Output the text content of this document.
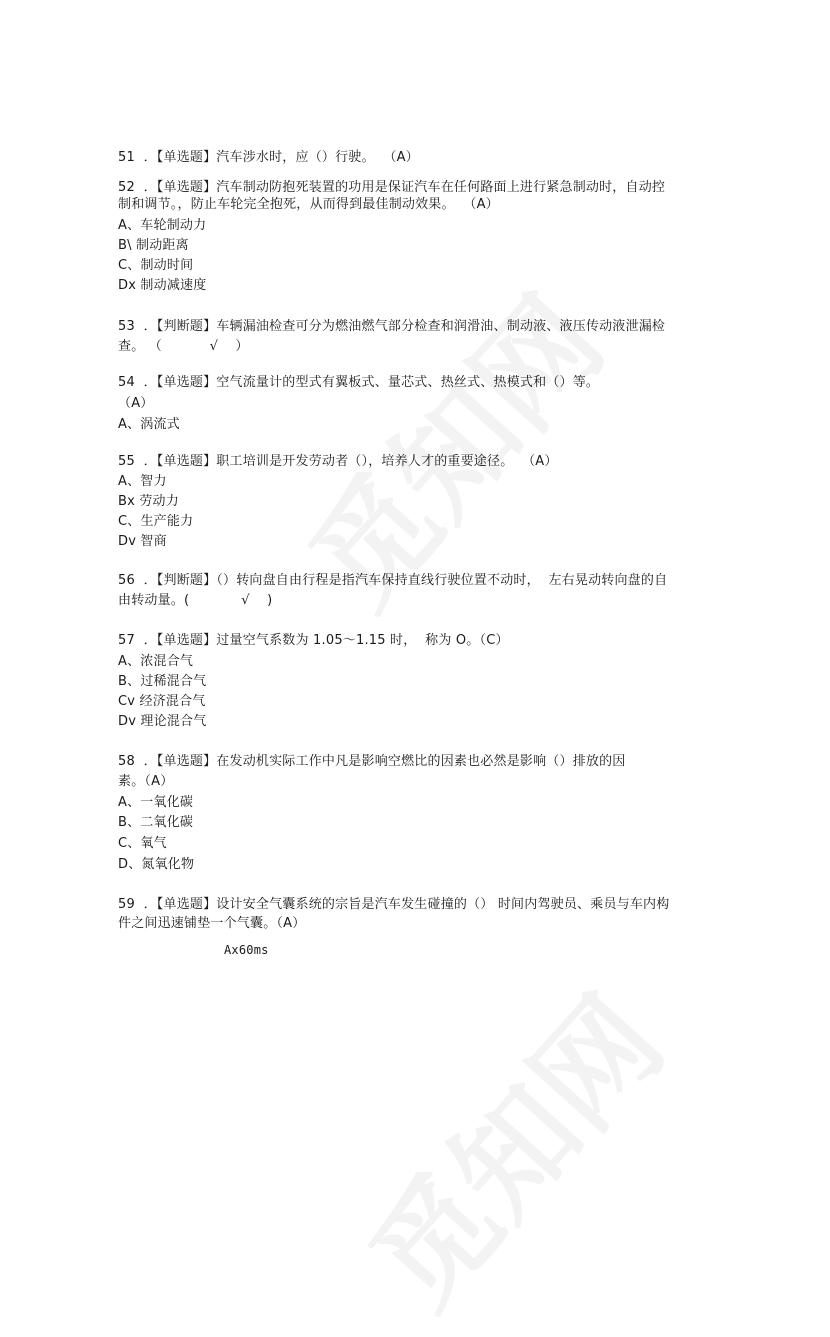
51  ．【单选题】汽车涉水时，应（）行驶。  （A）
52  ．【单选题】汽车制动防抱死装置的功用是保证汽车在任何路面上进行紧急制动时，自动控
制和调节。，防止车轮完全抱死，从而得到最佳制动效果。  （A）
A、车轮制动力
B\ 制动距离
C、制动时间
Dx 制动减速度
53  ．【判断题】车辆漏油检查可分为燃油燃气部分检查和润滑油、制动液、液压传动液泄漏检
查。 （           √    ）
54  ．【单选题】空气流量计的型式有翼板式、量芯式、热丝式、热模式和（）等。
（A）
A、涡流式
55  ．【单选题】职工培训是开发劳动者（），培养人才的重要途径。  （A）
A、智力
Bx 劳动力
C、生产能力
Dv 智商
56  ．【判断题】（）转向盘自由行程是指汽车保持直线行驶位置不动时，  左右晃动转向盘的自
由转动量。(            √    )
57  ．【单选题】过量空气系数为 1.05〜1.15 时，  称为 O。（C）
A、浓混合气
B、过稀混合气
Cv 经济混合气
Dv 理论混合气
58  ．【单选题】在发动机实际工作中凡是影响空燃比的因素也必然是影响（）排放的因
素。（A）
A、一氧化碳
B、二氧化碳
C、氧气
D、氮氧化物
59  ．【单选题】设计安全气囊系统的宗旨是汽车发生碰撞的（） 时间内驾驶员、乘员与车内构
件之间迅速铺垫一个气囊。（A）
Ax60ms
